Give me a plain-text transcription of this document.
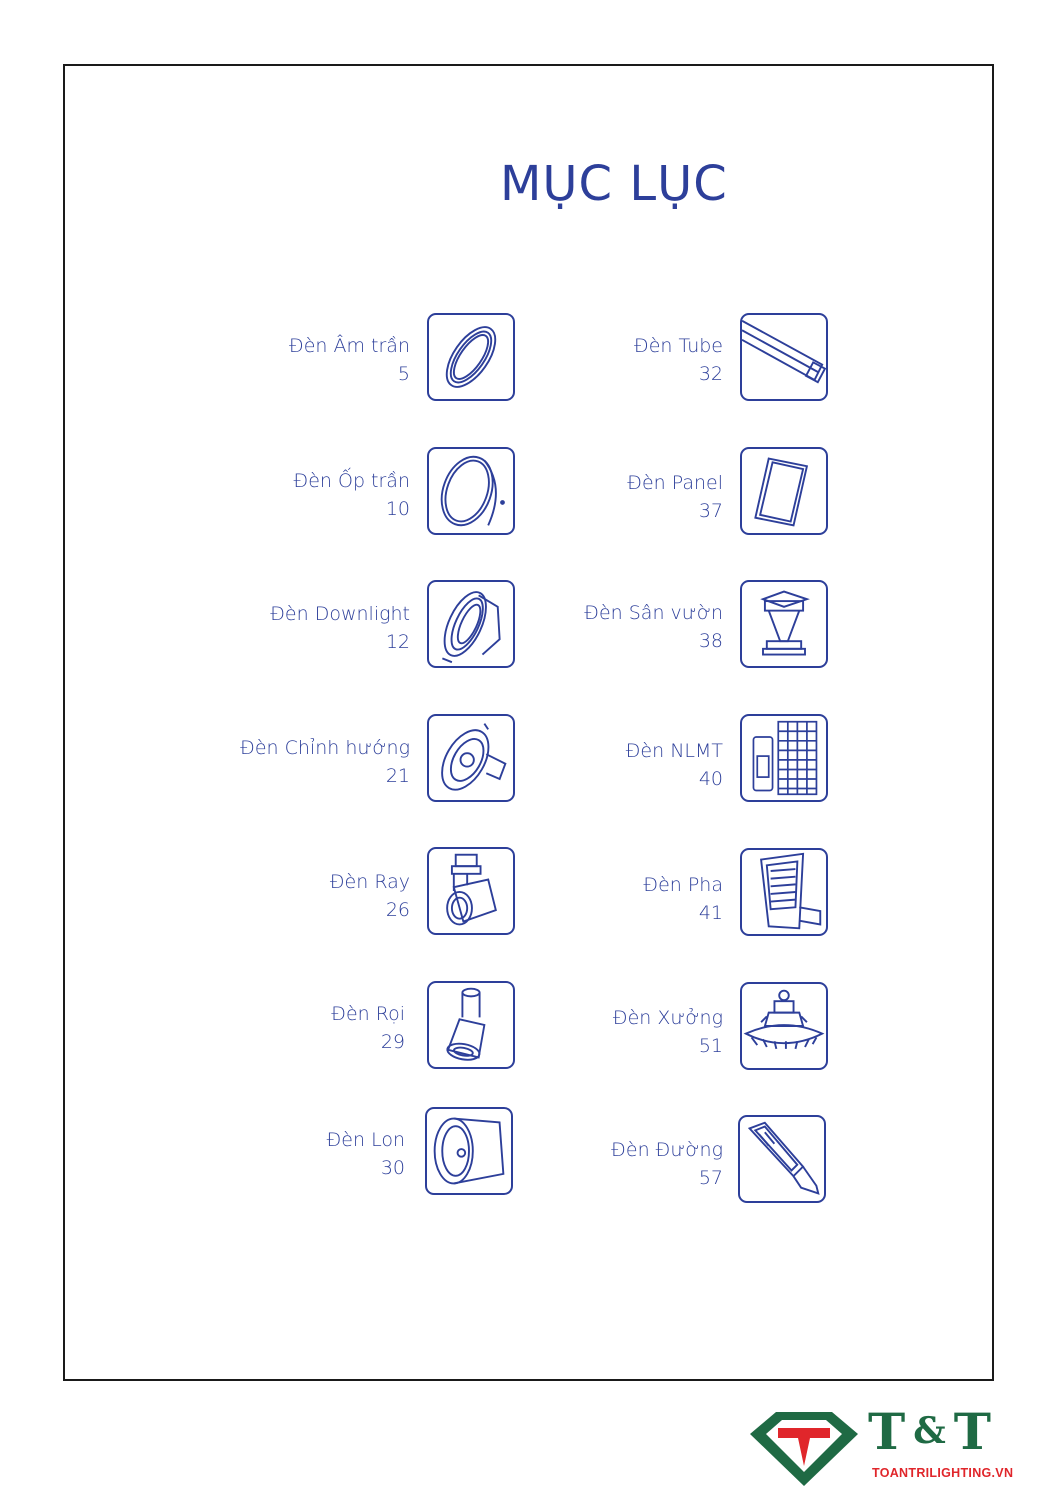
MỤC LỤC
Đèn Âm trần
5
Đèn Ốp trần
10
Đèn Downlight
12
Đèn Chỉnh hướng
21
Đèn Ray
26
Đèn Rọi
29
Đèn Lon
30
Đèn Tube
32
Đèn Panel
37
Đèn Sân vườn
38
Đèn NLMT
40
Đèn Pha
41
Đèn Xưởng
51
Đèn Đường
57
T & T
TOANTRILIGHTING.VN
